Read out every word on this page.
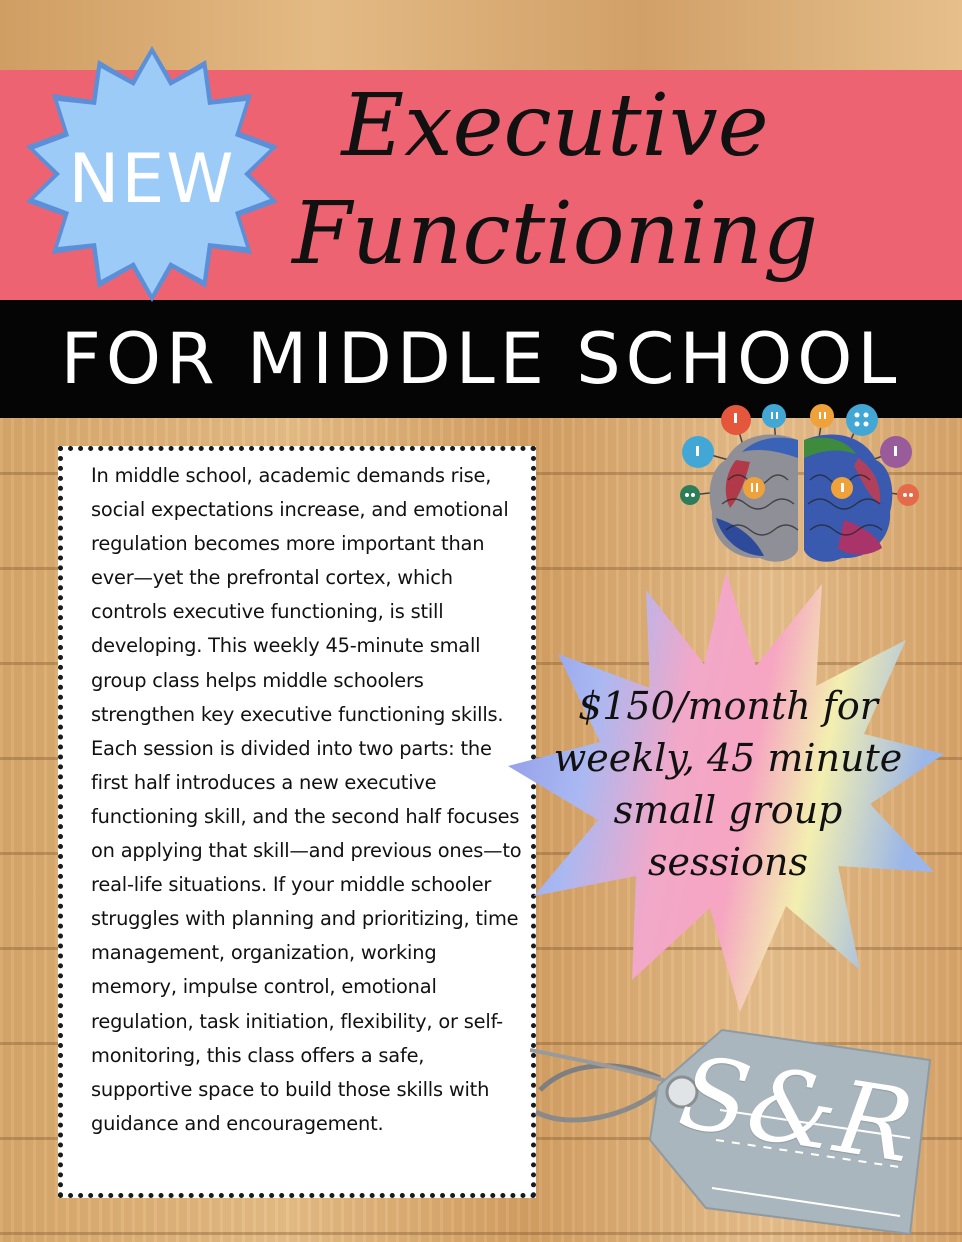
Executive
Functioning
FOR MIDDLE SCHOOL
NEW

In middle school, academic demands rise, social expectations increase, and emotional regulation becomes more important than ever—yet the prefrontal cortex, which controls executive functioning, is still developing. This weekly 45-minute small group class helps middle schoolers strengthen key executive functioning skills. Each session is divided into two parts: the first half introduces a new executive functioning skill, and the second half focuses on applying that skill—and previous ones—to real-life situations. If your middle schooler struggles with planning and prioritizing, time management, organization, working memory, impulse control, emotional regulation, task initiation, flexibility, or self-monitoring, this class offers a safe, supportive space to build those skills with guidance and encouragement.

$150/month for weekly, 45 minute small group sessions
S&R
